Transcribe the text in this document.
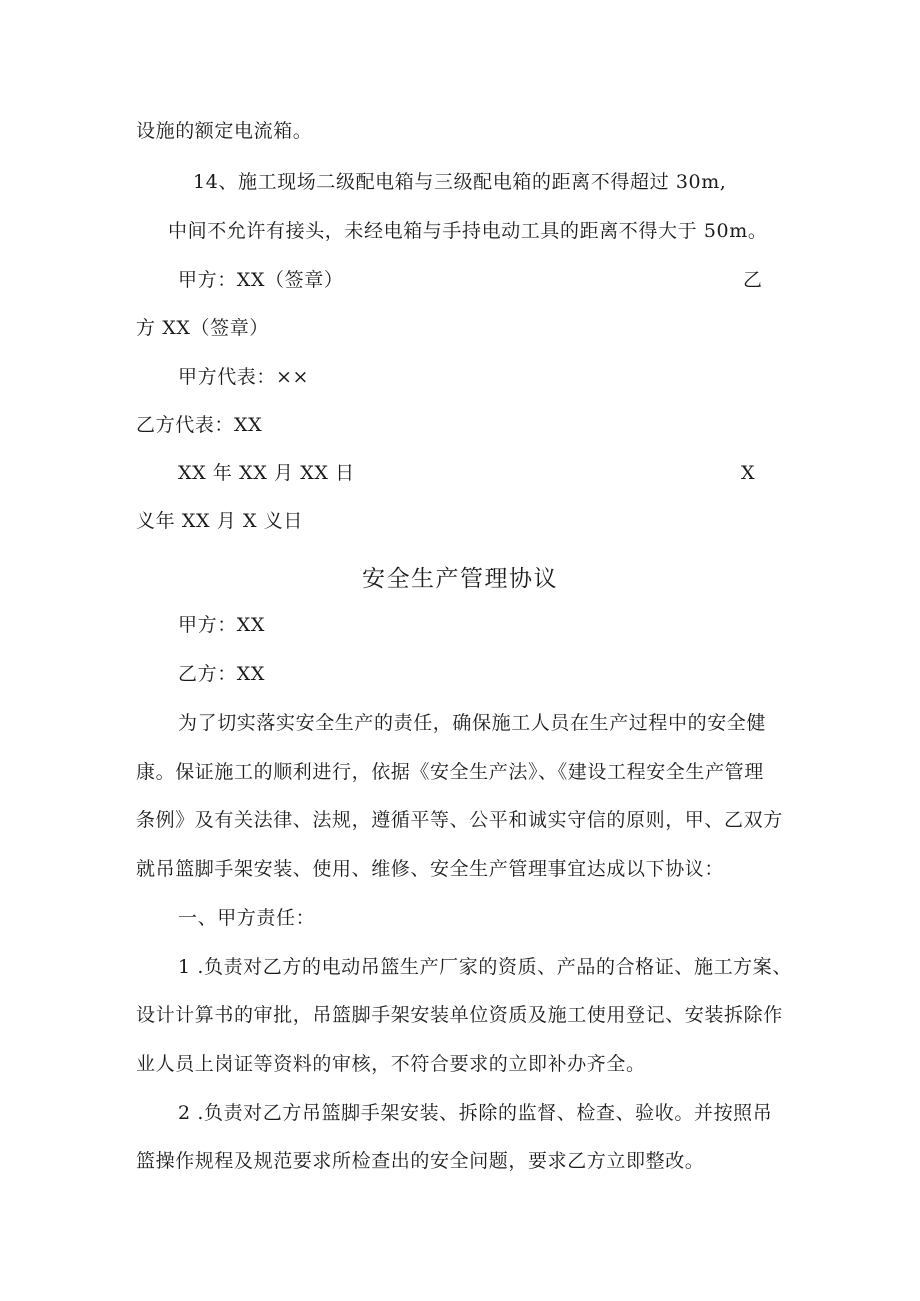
设施的额定电流箱。
14、施工现场二级配电箱与三级配电箱的距离不得超过 30m,
中间不允许有接头，未经电箱与手持电动工具的距离不得大于 50m。
甲方：XX（签章）	乙
方 XX（签章）
甲方代表：××
乙方代表：XX
XX 年 XX 月 XX 日	X
义年 XX 月 X 义日
安全生产管理协议
甲方：XX
乙方：XX
为了切实落实安全生产的责任，确保施工人员在生产过程中的安全健
康。保证施工的顺利进行，依据《安全生产法》、《建设工程安全生产管理
条例》及有关法律、法规，遵循平等、公平和诚实守信的原则，甲、乙双方
就吊篮脚手架安装、使用、维修、安全生产管理事宜达成以下协议：
一、甲方责任：
1 .负责对乙方的电动吊篮生产厂家的资质、产品的合格证、施工方案、
设计计算书的审批，吊篮脚手架安装单位资质及施工使用登记、安装拆除作
业人员上岗证等资料的审核，不符合要求的立即补办齐全。
2 .负责对乙方吊篮脚手架安装、拆除的监督、检查、验收。并按照吊
篮操作规程及规范要求所检查出的安全问题，要求乙方立即整改。
